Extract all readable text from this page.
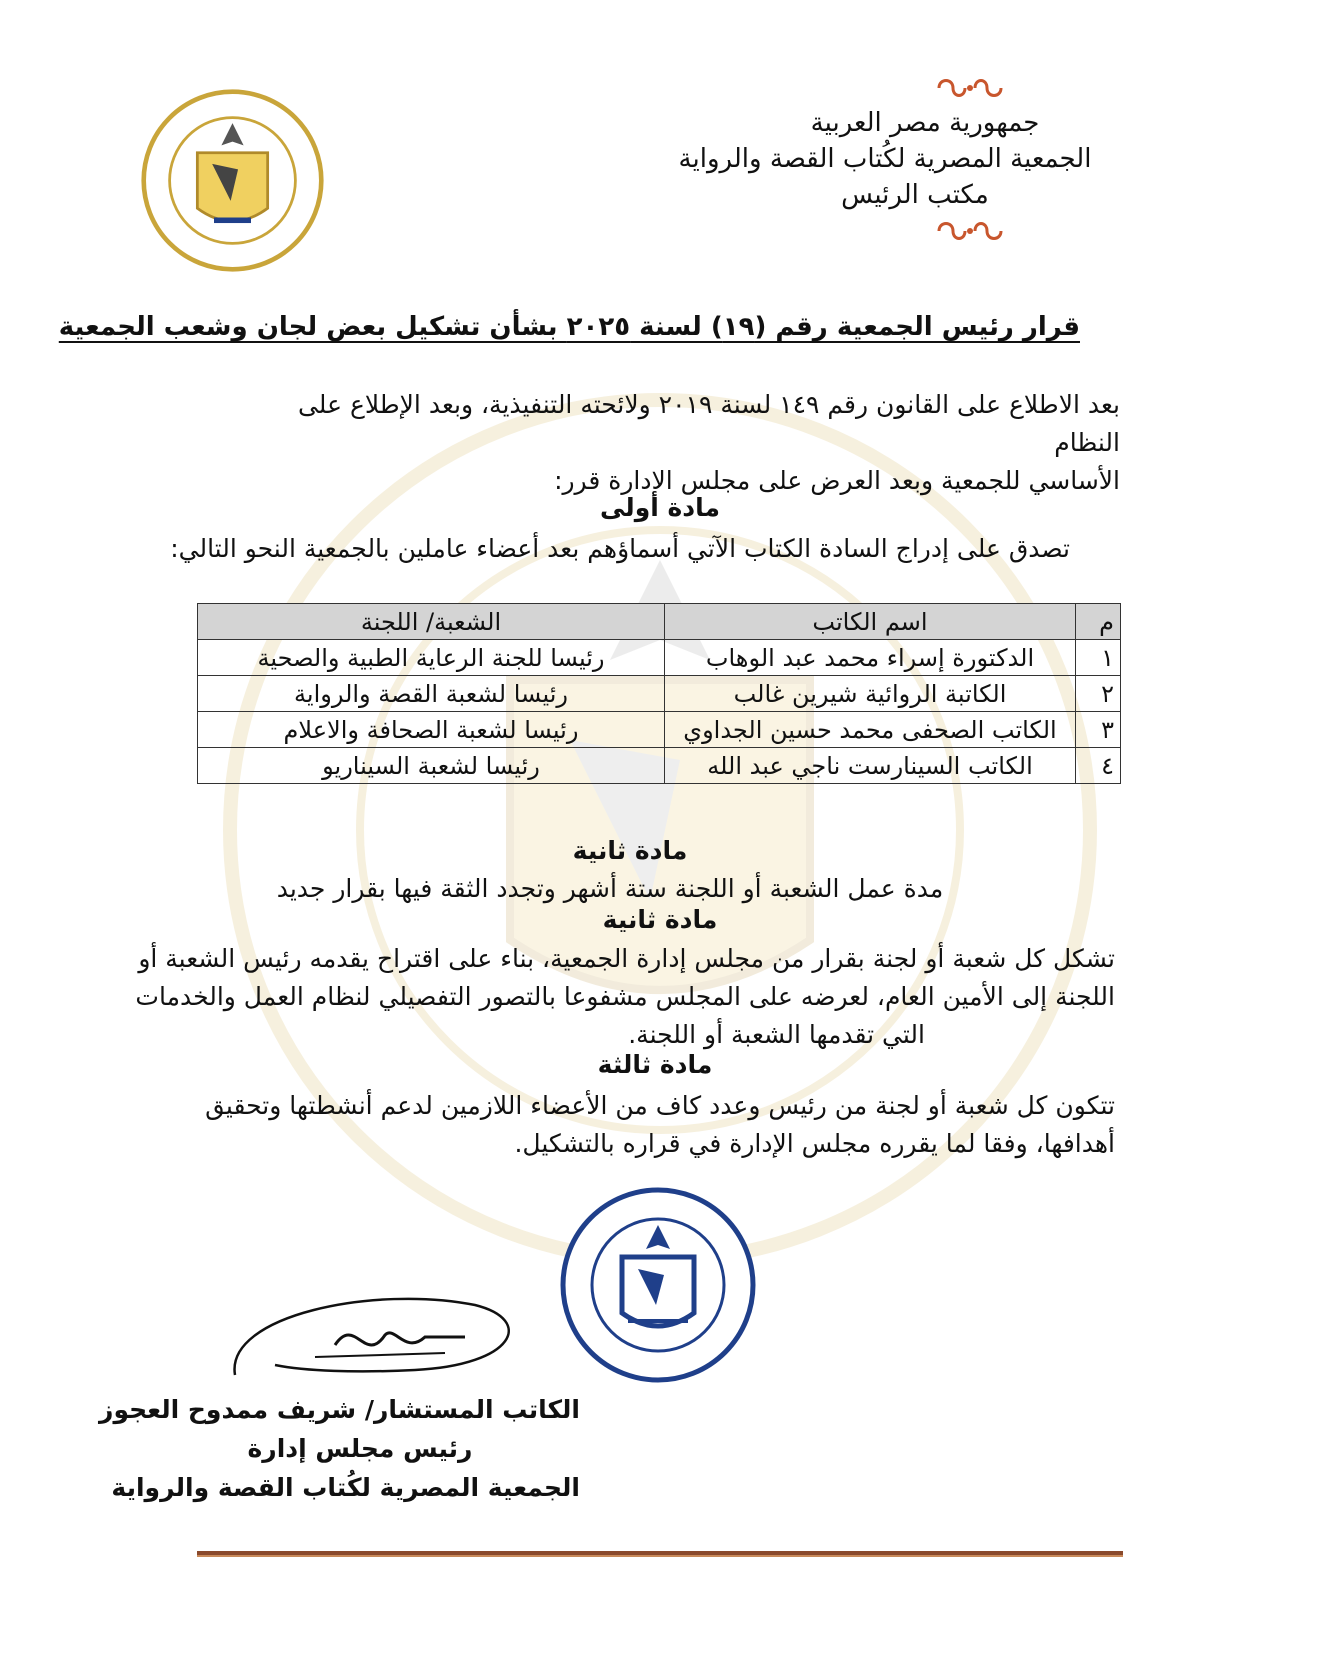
جمهورية مصر العربية
الجمعية المصرية لكُتاب القصة والرواية
مكتب الرئيس
قرار رئيس الجمعية رقم (١٩) لسنة ٢٠٢٥ بشأن تشكيل بعض لجان وشعب الجمعية
بعد الاطلاع على القانون رقم ١٤٩ لسنة ٢٠١٩ ولائحته التنفيذية، وبعد الإطلاع على النظام
الأساسي للجمعية وبعد العرض على مجلس الادارة قرر:
مادة أولى
تصدق على إدراج السادة الكتاب الآتي أسماؤهم بعد أعضاء عاملين بالجمعية النحو التالي:
م	اسم الكاتب	الشعبة/ اللجنة
١	الدكتورة إسراء محمد عبد الوهاب	رئيسا للجنة الرعاية الطبية والصحية
٢	الكاتبة الروائية شيرين غالب	رئيسا لشعبة القصة والرواية
٣	الكاتب الصحفى محمد حسين الجداوي	رئيسا لشعبة الصحافة والاعلام
٤	الكاتب السينارست ناجي عبد الله	رئيسا لشعبة السيناريو
مادة ثانية
مدة عمل الشعبة أو اللجنة ستة أشهر وتجدد الثقة فيها بقرار جديد
مادة ثانية
تشكل كل شعبة أو لجنة بقرار من مجلس إدارة الجمعية، بناء على اقتراح يقدمه رئيس الشعبة أو
اللجنة إلى الأمين العام، لعرضه على المجلس مشفوعا بالتصور التفصيلي لنظام العمل والخدمات
التي تقدمها الشعبة أو اللجنة.
مادة ثالثة
تتكون كل شعبة أو لجنة من رئيس وعدد كاف من الأعضاء اللازمين لدعم أنشطتها وتحقيق
أهدافها، وفقا لما يقرره مجلس الإدارة في قراره بالتشكيل.
الكاتب المستشار/ شريف ممدوح العجوز
رئيس مجلس إدارة
الجمعية المصرية لكُتاب القصة والرواية
